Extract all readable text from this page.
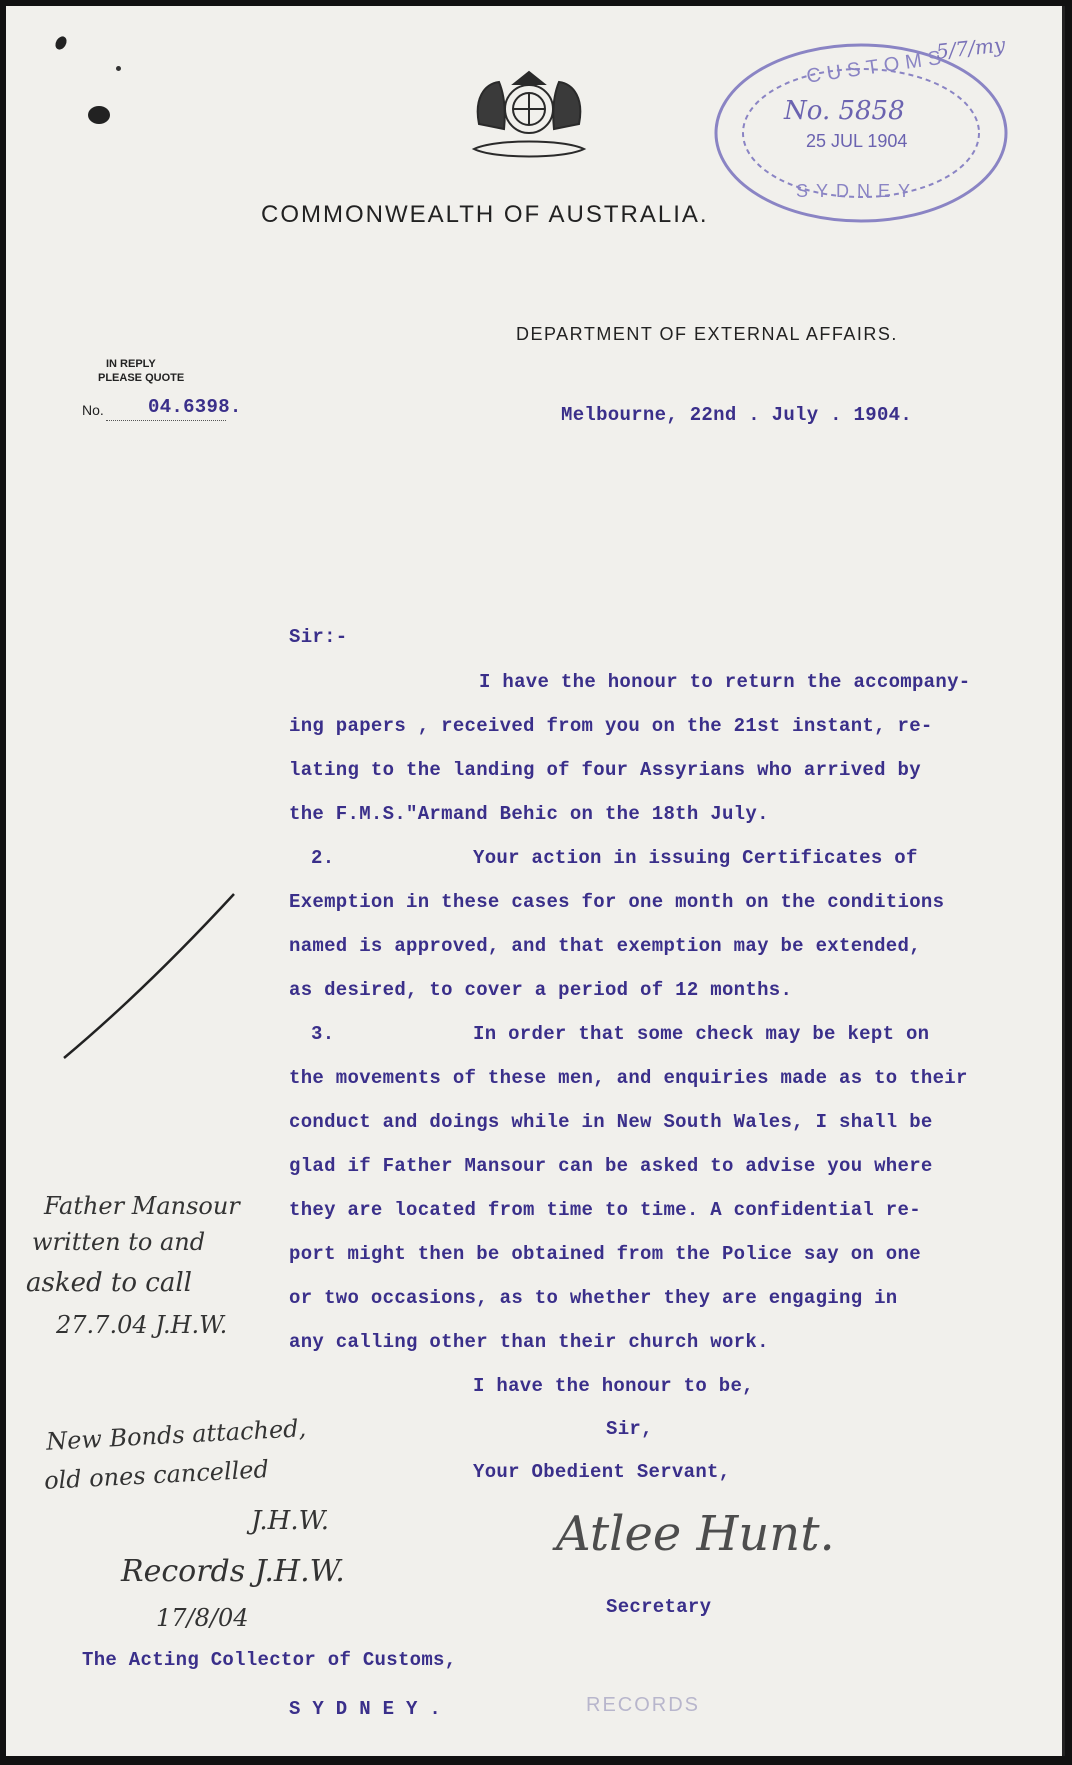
COMMONWEALTH OF AUSTRALIA.
CUSTOMS
No. 5858
25 JUL 1904
SYDNEY
5/7/my
DEPARTMENT OF EXTERNAL AFFAIRS.
IN REPLY
PLEASE QUOTE
No. 04.6398.	Melbourne, 22nd . July . 1904.
Sir:-
I have the honour to return the accompany-
ing papers , received from you on the 21st instant, re-
lating to the landing of four Assyrians who arrived by
the F.M.S."Armand Behic on the 18th July.
2.	Your action in issuing Certificates of
Exemption in these cases for one month on the conditions
named is approved, and that exemption may be extended,
as desired, to cover a period of 12 months.
3.	In order that some check may be kept on
the movements of these men, and enquiries made as to their
conduct and doings while in New South Wales, I shall be
glad if Father Mansour can be asked to advise you where
they are located from time to time. A confidential re-
port might then be obtained from the Police say on one
or two occasions, as to whether they are engaging in
any calling other than their church work.
I have the honour to be,
Sir,
Your Obedient Servant,
Atlee Hunt.
Secretary
The Acting Collector of Customs,
S Y D N E Y .	RECORDS
Father Mansour
written to and
asked to call
27.7.04 J.H.W.
New Bonds attached,
old ones cancelled
J.H.W.
Records J.H.W.
17/8/04
